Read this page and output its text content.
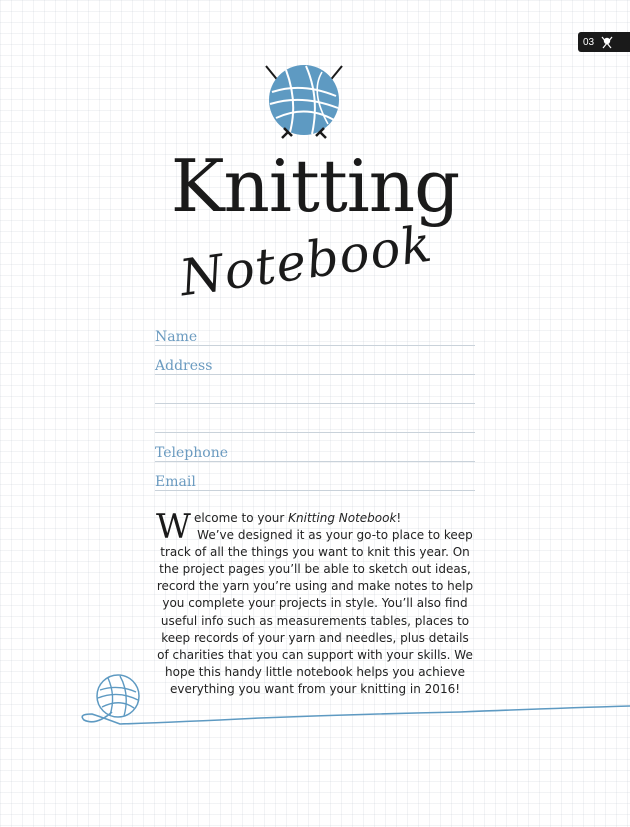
03
Knitting
Notebook
Name
Address
Telephone
Email
W elcome to your Knitting Notebook!

We’ve designed it as your go-to place to keep track of all the things you want to knit this year. On the project pages you’ll be able to sketch out ideas, record the yarn you’re using and make notes to help you complete your projects in style. You’ll also find useful info such as measurements tables, places to keep records of your yarn and needles, plus details of charities that you can support with your skills. We hope this handy little notebook helps you achieve everything you want from your knitting in 2016!
